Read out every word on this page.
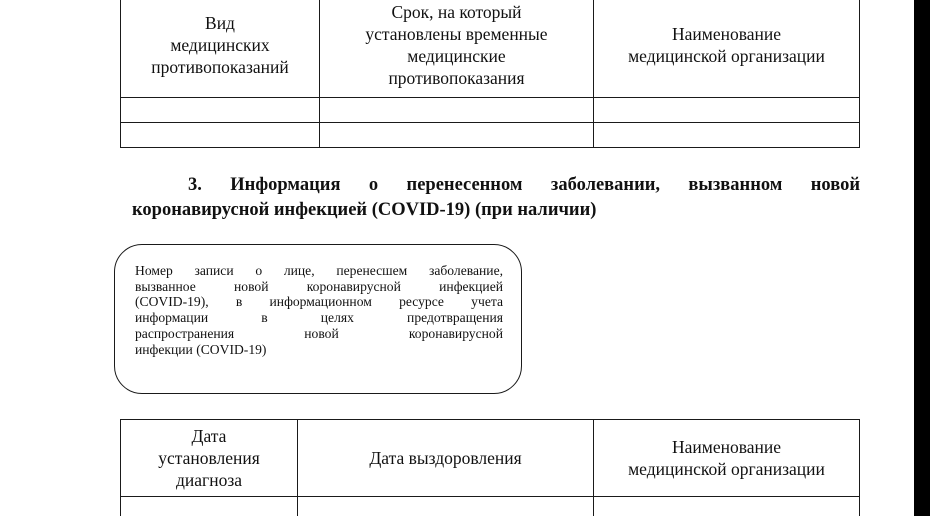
Вид
медицинских
противопоказаний	Срок, на который
установлены временные
медицинские
противопоказания	Наименование
медицинской организации

3. Информация о перенесенном заболевании, вызванном новой
коронавирусной инфекцией (COVID-19) (при наличии)
Номер записи о лице, перенесшем заболевание,
вызванное новой коронавирусной инфекцией
(COVID-19), в информационном ресурсе учета
информации в целях предотвращения
распространения новой коронавирусной
инфекции (COVID-19)
Дата
установления
диагноза	Дата выздоровления	Наименование
медицинской организации
